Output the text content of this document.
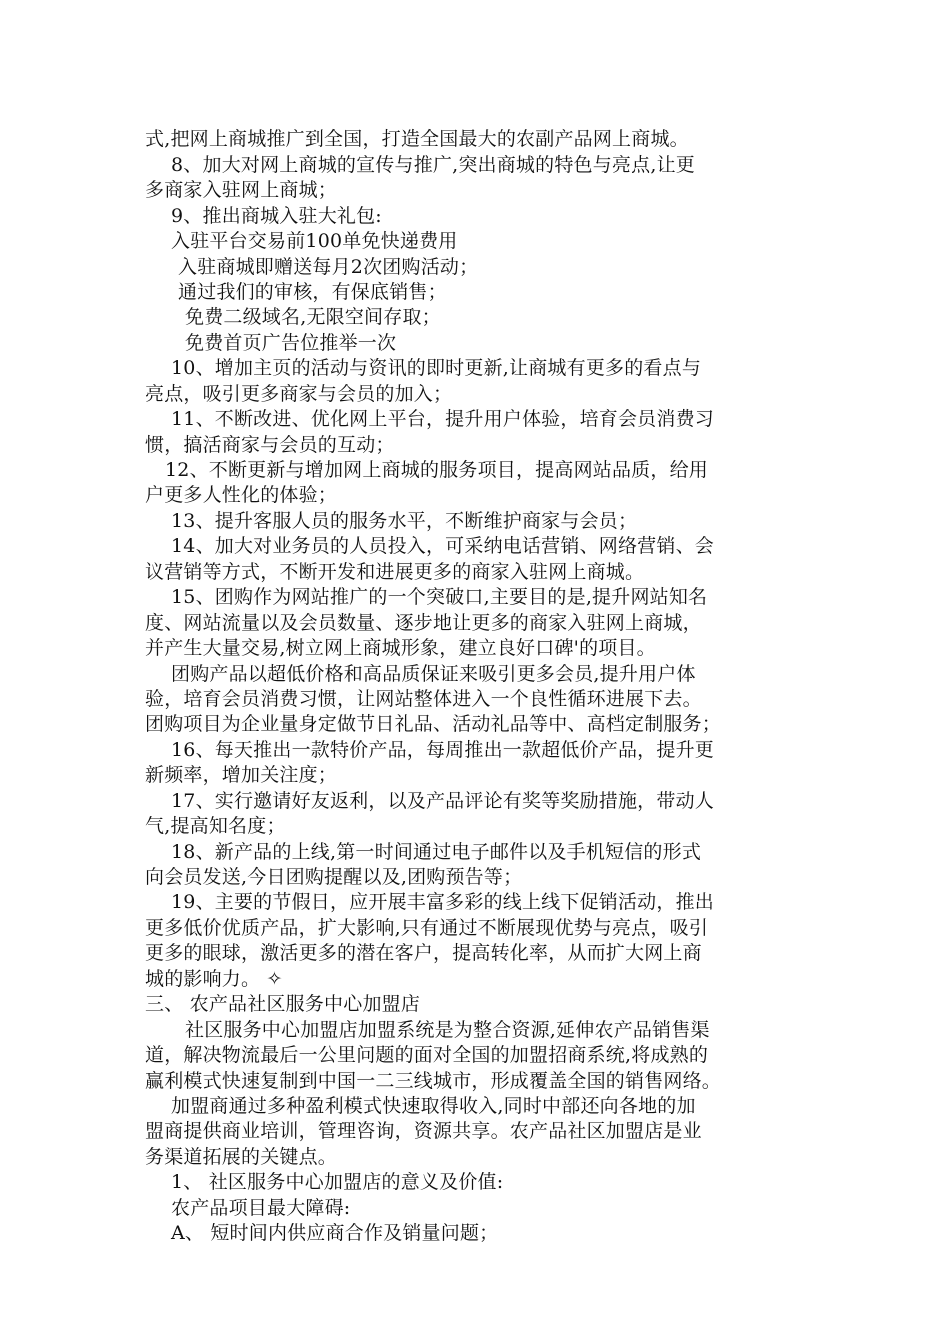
式,把网上商城推广到全国，打造全国最大的农副产品网上商城。
8、加大对网上商城的宣传与推广,突出商城的特色与亮点,让更
多商家入驻网上商城；
9、推出商城入驻大礼包:
入驻平台交易前100单免快递费用
入驻商城即赠送每月2次团购活动；
通过我们的审核，有保底销售；
免费二级域名,无限空间存取；
免费首页广告位推举一次
10、增加主页的活动与资讯的即时更新,让商城有更多的看点与
亮点，吸引更多商家与会员的加入；
11、不断改进、优化网上平台，提升用户体验，培育会员消费习
惯，搞活商家与会员的互动；
12、不断更新与增加网上商城的服务项目，提高网站品质，给用
户更多人性化的体验；
13、提升客服人员的服务水平，不断维护商家与会员；
14、加大对业务员的人员投入，可采纳电话营销、网络营销、会
议营销等方式，不断开发和进展更多的商家入驻网上商城。
15、团购作为网站推广的一个突破口,主要目的是,提升网站知名
度、网站流量以及会员数量、逐步地让更多的商家入驻网上商城，
并产生大量交易,树立网上商城形象，建立良好口碑'的项目。
团购产品以超低价格和高品质保证来吸引更多会员,提升用户体
验，培育会员消费习惯，让网站整体进入一个良性循环进展下去。
团购项目为企业量身定做节日礼品、活动礼品等中、高档定制服务；
16、每天推出一款特价产品，每周推出一款超低价产品，提升更
新频率，增加关注度；
17、实行邀请好友返利，以及产品评论有奖等奖励措施，带动人
气,提高知名度；
18、新产品的上线,第一时间通过电子邮件以及手机短信的形式
向会员发送,今日团购提醒以及,团购预告等；
19、主要的节假日，应开展丰富多彩的线上线下促销活动，推出
更多低价优质产品，扩大影响,只有通过不断展现优势与亮点，吸引
更多的眼球，激活更多的潜在客户，提高转化率，从而扩大网上商
城的影响力。 ✧
三、 农产品社区服务中心加盟店
社区服务中心加盟店加盟系统是为整合资源,延伸农产品销售渠
道，解决物流最后一公里问题的面对全国的加盟招商系统,将成熟的
赢利模式快速复制到中国一二三线城市，形成覆盖全国的销售网络。
加盟商通过多种盈利模式快速取得收入,同时中部还向各地的加
盟商提供商业培训，管理咨询，资源共享。农产品社区加盟店是业
务渠道拓展的关键点。
1、 社区服务中心加盟店的意义及价值:
农产品项目最大障碍:
A、 短时间内供应商合作及销量问题；
